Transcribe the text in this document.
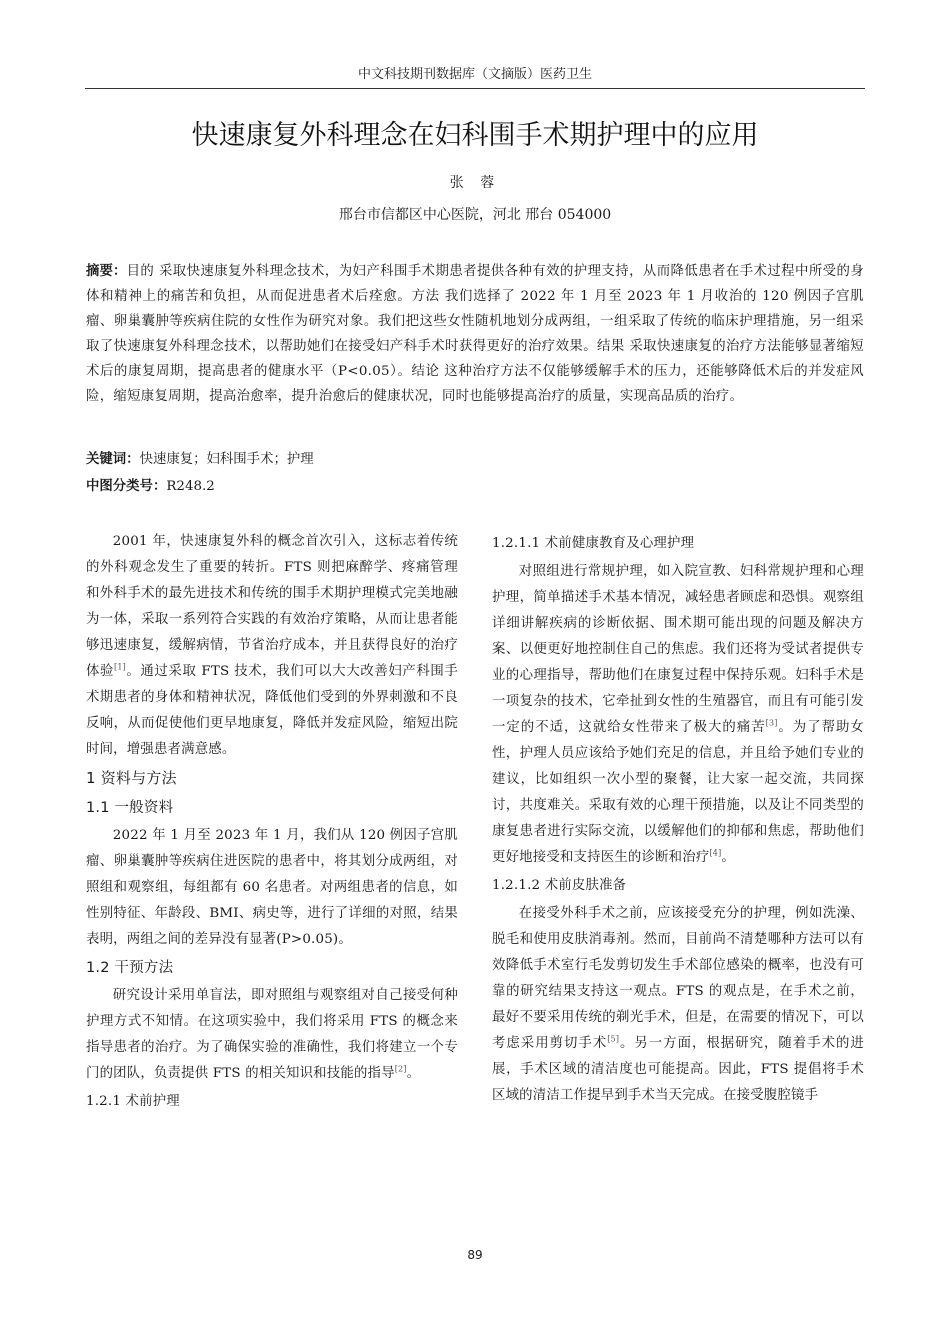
中文科技期刊数据库（文摘版）医药卫生
快速康复外科理念在妇科围手术期护理中的应用
张 蓉
邢台市信都区中心医院，河北 邢台 054000
摘要：目的 采取快速康复外科理念技术，为妇产科围手术期患者提供各种有效的护理支持，从而降低患者在手术过程中所受的身体和精神上的痛苦和负担，从而促进患者术后痊愈。方法 我们选择了 2022 年 1 月至 2023 年 1 月收治的 120 例因子宫肌瘤、卵巢囊肿等疾病住院的女性作为研究对象。我们把这些女性随机地划分成两组，一组采取了传统的临床护理措施，另一组采取了快速康复外科理念技术，以帮助她们在接受妇产科手术时获得更好的治疗效果。结果 采取快速康复的治疗方法能够显著缩短术后的康复周期，提高患者的健康水平（P<0.05）。结论 这种治疗方法不仅能够缓解手术的压力，还能够降低术后的并发症风险，缩短康复周期，提高治愈率，提升治愈后的健康状况，同时也能够提高治疗的质量，实现高品质的治疗。
关键词：快速康复；妇科围手术；护理
中图分类号：R248.2

2001 年，快速康复外科的概念首次引入，这标志着传统的外科观念发生了重要的转折。FTS 则把麻醉学、疼痛管理和外科手术的最先进技术和传统的围手术期护理模式完美地融为一体，采取一系列符合实践的有效治疗策略，从而让患者能够迅速康复，缓解病情，节省治疗成本，并且获得良好的治疗体验[1]。通过采取 FTS 技术，我们可以大大改善妇产科围手术期患者的身体和精神状况，降低他们受到的外界刺激和不良反响，从而促使他们更早地康复，降低并发症风险，缩短出院时间，增强患者满意感。

1 资料与方法
1.1 一般资料

2022 年 1 月至 2023 年 1 月，我们从 120 例因子宫肌瘤、卵巢囊肿等疾病住进医院的患者中，将其划分成两组，对照组和观察组，每组都有 60 名患者。对两组患者的信息，如性别特征、年龄段、BMI、病史等，进行了详细的对照，结果表明，两组之间的差异没有显著(P>0.05)。

1.2 干预方法

研究设计采用单盲法，即对照组与观察组对自己接受何种护理方式不知情。在这项实验中，我们将采用 FTS 的概念来指导患者的治疗。为了确保实验的准确性，我们将建立一个专门的团队，负责提供 FTS 的相关知识和技能的指导[2]。

1.2.1 术前护理
1.2.1.1 术前健康教育及心理护理

对照组进行常规护理，如入院宣教、妇科常规护理和心理护理，简单描述手术基本情况，减轻患者顾虑和恐惧。观察组详细讲解疾病的诊断依据、围术期可能出现的问题及解决方案、以便更好地控制住自己的焦虑。我们还将为受试者提供专业的心理指导，帮助他们在康复过程中保持乐观。妇科手术是一项复杂的技术，它牵扯到女性的生殖器官，而且有可能引发一定的不适，这就给女性带来了极大的痛苦[3]。为了帮助女性，护理人员应该给予她们充足的信息，并且给予她们专业的建议，比如组织一次小型的聚餐，让大家一起交流，共同探讨，共度难关。采取有效的心理干预措施，以及让不同类型的康复患者进行实际交流，以缓解他们的抑郁和焦虑，帮助他们更好地接受和支持医生的诊断和治疗[4]。

1.2.1.2 术前皮肤准备

在接受外科手术之前，应该接受充分的护理，例如洗澡、脱毛和使用皮肤消毒剂。然而，目前尚不清楚哪种方法可以有效降低手术室行毛发剪切发生手术部位感染的概率，也没有可靠的研究结果支持这一观点。FTS 的观点是，在手术之前，最好不要采用传统的剃光手术，但是，在需要的情况下，可以考虑采用剪切手术[5]。另一方面，根据研究，随着手术的进展，手术区域的清洁度也可能提高。因此，FTS 提倡将手术区域的清洁工作提早到手术当天完成。在接受腹腔镜手

89
